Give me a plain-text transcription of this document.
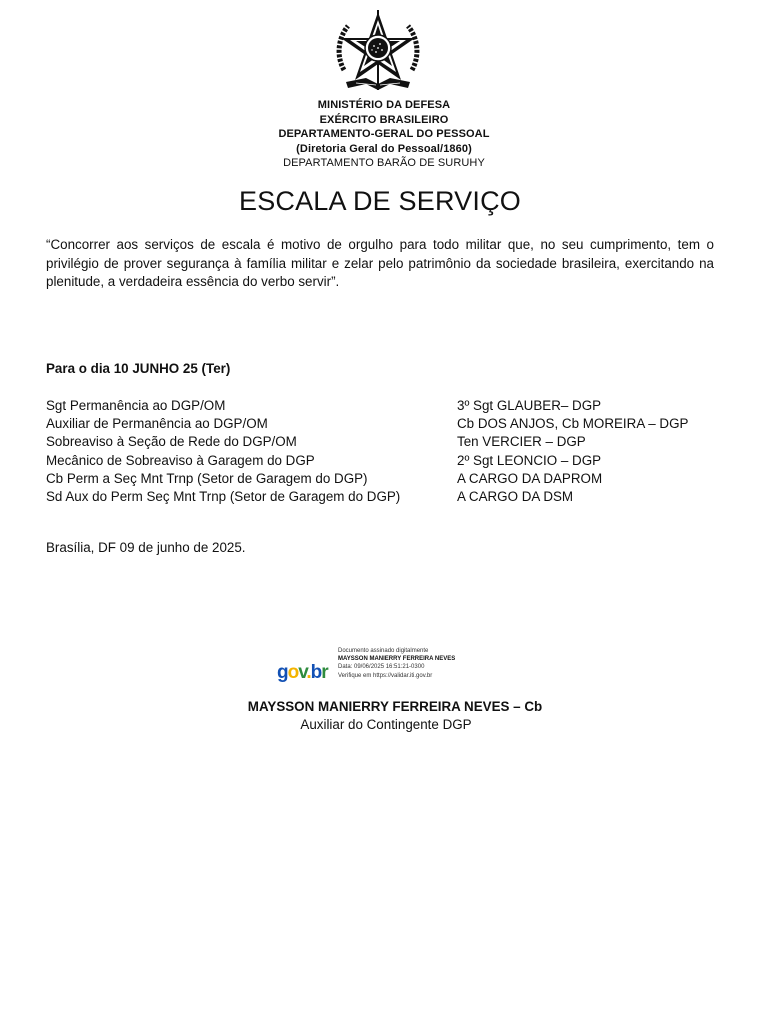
MINISTÉRIO DA DEFESA
EXÉRCITO BRASILEIRO
DEPARTAMENTO-GERAL DO PESSOAL
(Diretoria Geral do Pessoal/1860)
DEPARTAMENTO BARÃO DE SURUHY
ESCALA DE SERVIÇO
“Concorrer aos serviços de escala é motivo de orgulho para todo militar que, no seu cumprimento, tem o privilégio de prover segurança à família militar e zelar pelo patrimônio da sociedade brasileira, exercitando na plenitude, a verdadeira essência do verbo servir”.
Para o dia 10 JUNHO 25 (Ter)
Sgt Permanência ao DGP/OM	3º Sgt GLAUBER– DGP
Auxiliar de Permanência ao DGP/OM	Cb DOS ANJOS, Cb MOREIRA – DGP
Sobreaviso à Seção de Rede do DGP/OM	Ten VERCIER – DGP
Mecânico de Sobreaviso à Garagem do DGP	2º Sgt LEONCIO – DGP
Cb Perm a Seç Mnt Trnp (Setor de Garagem do DGP)	A CARGO DA DAPROM
Sd Aux do Perm Seç Mnt Trnp (Setor de Garagem do DGP)	A CARGO DA DSM
Brasília, DF 09 de junho de 2025.
gov.br
Documento assinado digitalmente
MAYSSON MANIERRY FERREIRA NEVES
Data: 09/06/2025 16:51:21-0300
Verifique em https://validar.iti.gov.br
MAYSSON MANIERRY FERREIRA NEVES – Cb
Auxiliar do Contingente DGP
